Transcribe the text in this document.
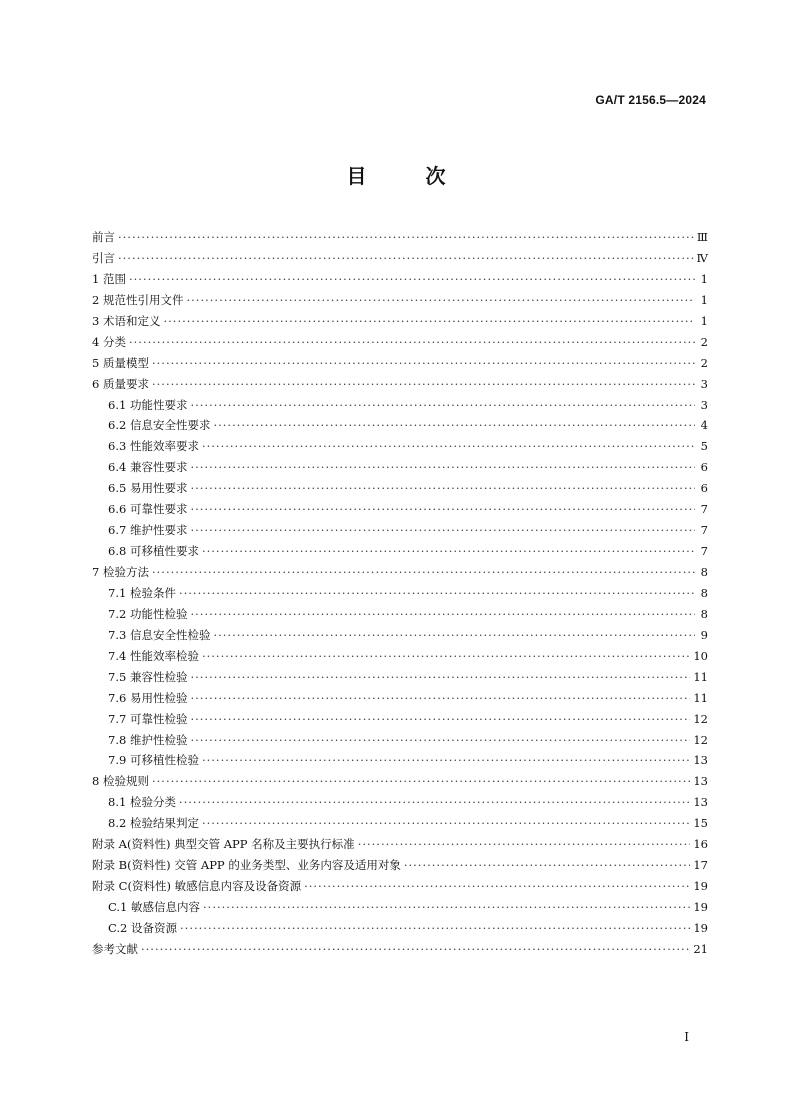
GA/T 2156.5—2024
目 次
前言 ·····	Ⅲ
引言 ·····	Ⅳ
1 范围 ·····	1
2 规范性引用文件 ·····	1
3 术语和定义 ·····	1
4 分类 ·····	2
5 质量模型 ·····	2
6 质量要求 ·····	3
6.1 功能性要求 ·····	3
6.2 信息安全性要求 ·····	4
6.3 性能效率要求 ·····	5
6.4 兼容性要求 ·····	6
6.5 易用性要求 ·····	6
6.6 可靠性要求 ·····	7
6.7 维护性要求 ·····	7
6.8 可移植性要求 ·····	7
7 检验方法 ·····	8
7.1 检验条件 ·····	8
7.2 功能性检验 ·····	8
7.3 信息安全性检验 ·····	9
7.4 性能效率检验 ·····	10
7.5 兼容性检验 ·····	11
7.6 易用性检验 ·····	11
7.7 可靠性检验 ·····	12
7.8 维护性检验 ·····	12
7.9 可移植性检验 ·····	13
8 检验规则 ·····	13
8.1 检验分类 ·····	13
8.2 检验结果判定 ·····	15
附录 A(资料性) 典型交管 APP 名称及主要执行标准 ·····	16
附录 B(资料性) 交管 APP 的业务类型、业务内容及适用对象 ·····	17
附录 C(资料性) 敏感信息内容及设备资源 ·····	19
C.1 敏感信息内容 ·····	19
C.2 设备资源 ·····	19
参考文献 ·····	21
I
